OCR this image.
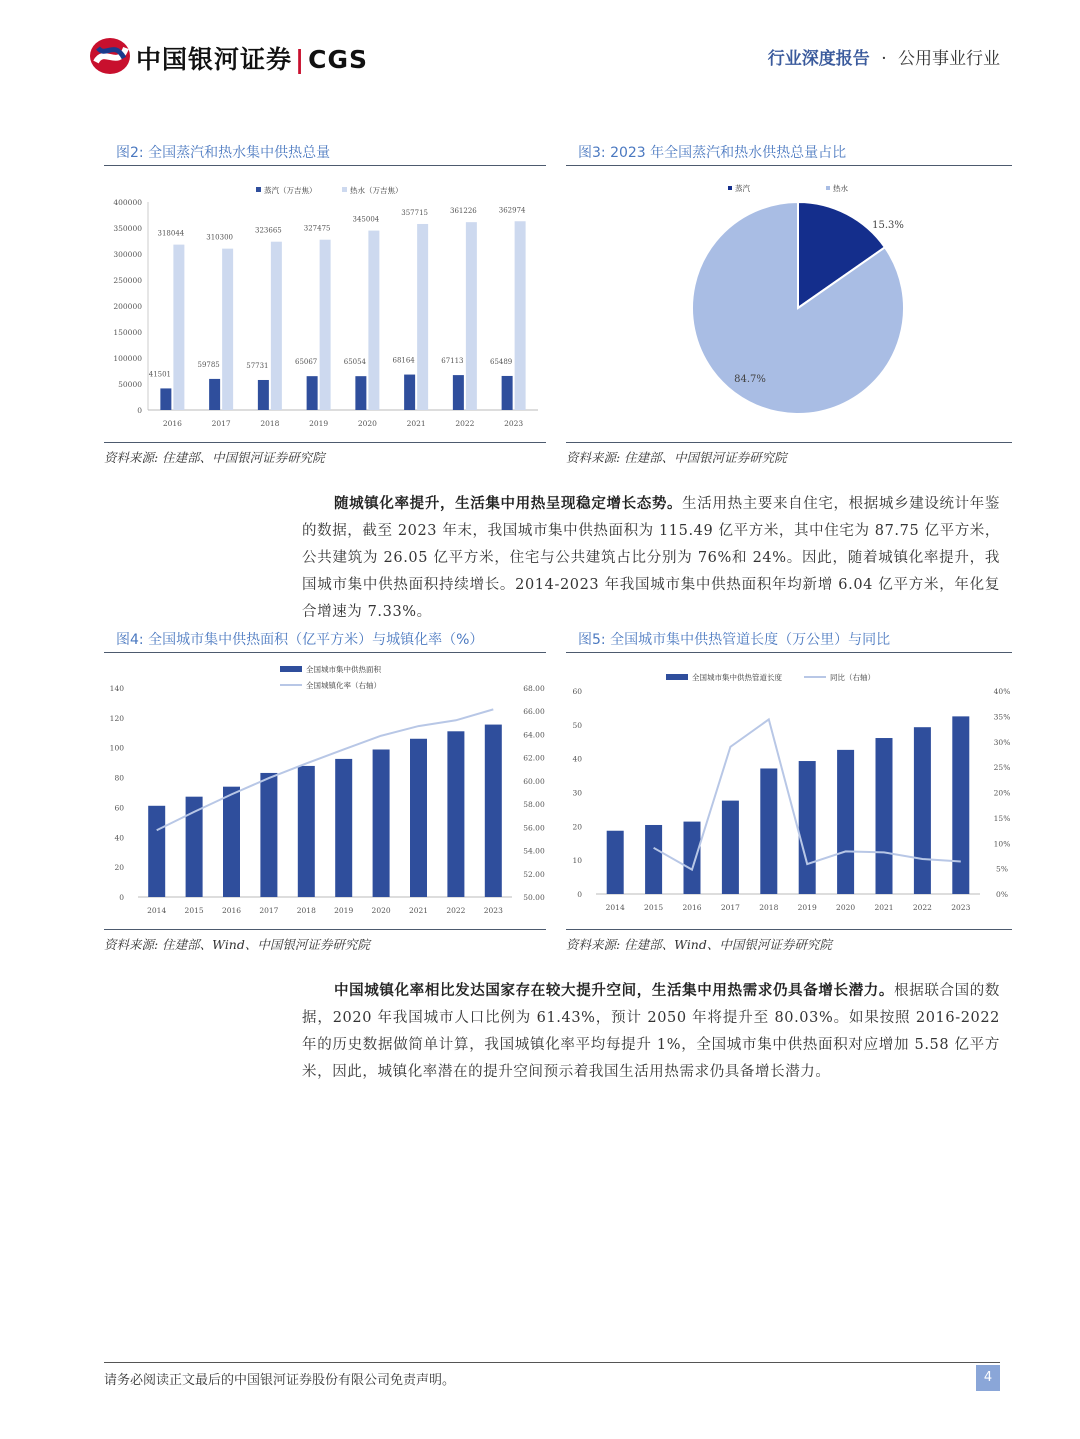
中国银河证券 | CGS	行业深度报告 · 公用事业行业
图2: 全国蒸汽和热水集中供热总量
0
50000
100000
150000
200000
250000
300000
350000
400000
41501
318044
2016
59785
310300
2017
57731
323665
2018
65067
327475
2019
65054
345004
2020
68164
357715
2021
67113
361226
2022
65489
362974
2023
蒸汽（万吉焦）	热水（万吉焦）
资料来源: 住建部、中国银河证券研究院
图3: 2023 年全国蒸汽和热水供热总量占比
15.3%
84.7%
蒸汽	热水
资料来源: 住建部、中国银河证券研究院
随城镇化率提升，生活集中用热呈现稳定增长态势。生活用热主要来自住宅，根据城乡建设统计年鉴的数据，截至 2023 年末，我国城市集中供热面积为 115.49 亿平方米，其中住宅为 87.75 亿平方米，公共建筑为 26.05 亿平方米，住宅与公共建筑占比分别为 76%和 24%。因此，随着城镇化率提升，我国城市集中供热面积持续增长。2014-2023 年我国城市集中供热面积年均新增 6.04 亿平方米，年化复合增速为 7.33%。
图4: 全国城市集中供热面积（亿平方米）与城镇化率（%）
0
20
40
60
80
100
120
140
50.00
52.00
54.00
56.00
58.00
60.00
62.00
64.00
66.00
68.00
2014 2015 2016 2017 2018 2019 2020 2021 2022 2023
全国城市集中供热面积
全国城镇化率（右轴）
资料来源: 住建部、Wind、中国银河证券研究院
图5: 全国城市集中供热管道长度（万公里）与同比
0
10
20
30
40
50
60
0%
5%
10%
15%
20%
25%
30%
35%
40%
2014	2015	2016	2017	2018	2019	2020	2021	2022	2023
全国城市集中供热管道长度	同比（右轴）
资料来源: 住建部、Wind、中国银河证券研究院
中国城镇化率相比发达国家存在较大提升空间，生活集中用热需求仍具备增长潜力。根据联合国的数据，2020 年我国城市人口比例为 61.43%，预计 2050 年将提升至 80.03%。如果按照 2016-2022 年的历史数据做简单计算，我国城镇化率平均每提升 1%，全国城市集中供热面积对应增加 5.58 亿平方米，因此，城镇化率潜在的提升空间预示着我国生活用热需求仍具备增长潜力。
请务必阅读正文最后的中国银河证券股份有限公司免责声明。	4
